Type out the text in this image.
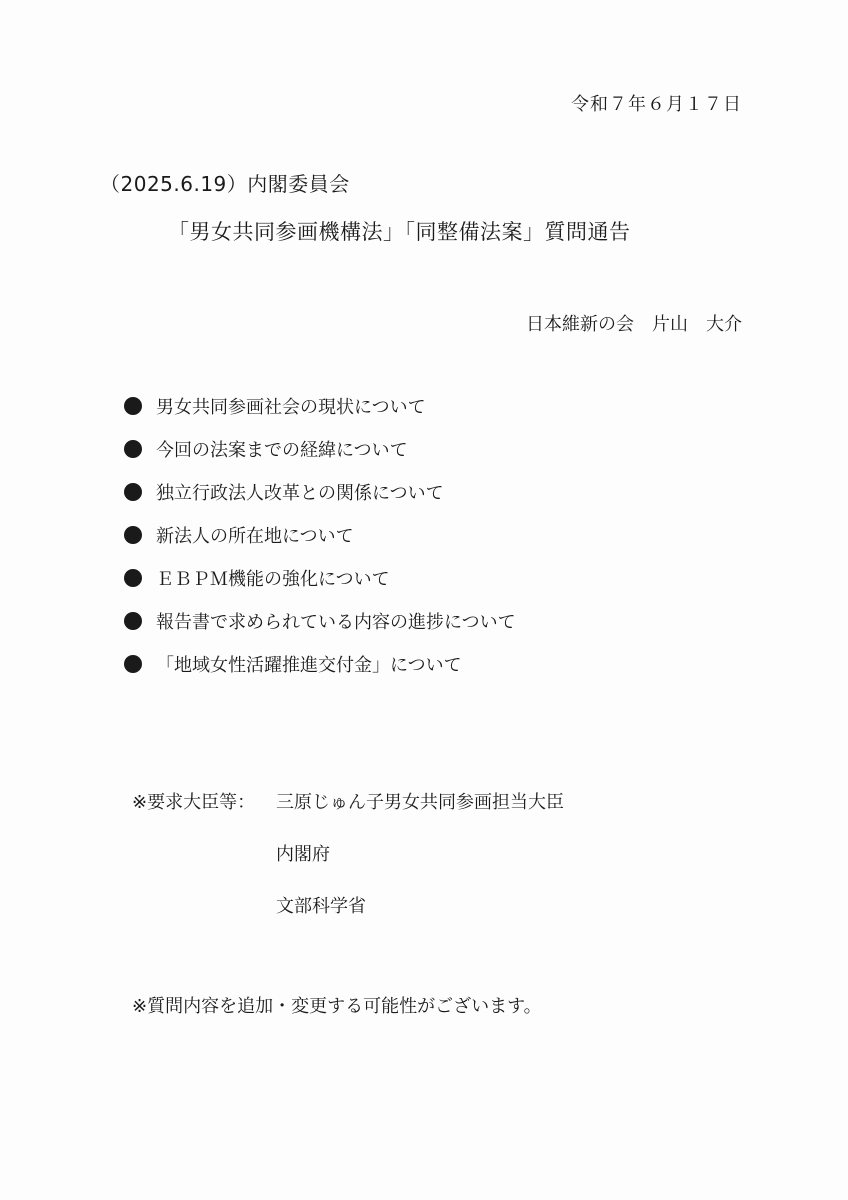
令和７年６月１７日
（2025.6.19）内閣委員会
「男女共同参画機構法」「同整備法案」質問通告
日本維新の会　片山　大介
男女共同参画社会の現状について
今回の法案までの経緯について
独立行政法人改革との関係について
新法人の所在地について
ＥＢＰＭ機能の強化について
報告書で求められている内容の進捗について
「地域女性活躍推進交付金」について
※要求大臣等：	三原じゅん子男女共同参画担当大臣
内閣府
文部科学省
※質問内容を追加・変更する可能性がございます。
